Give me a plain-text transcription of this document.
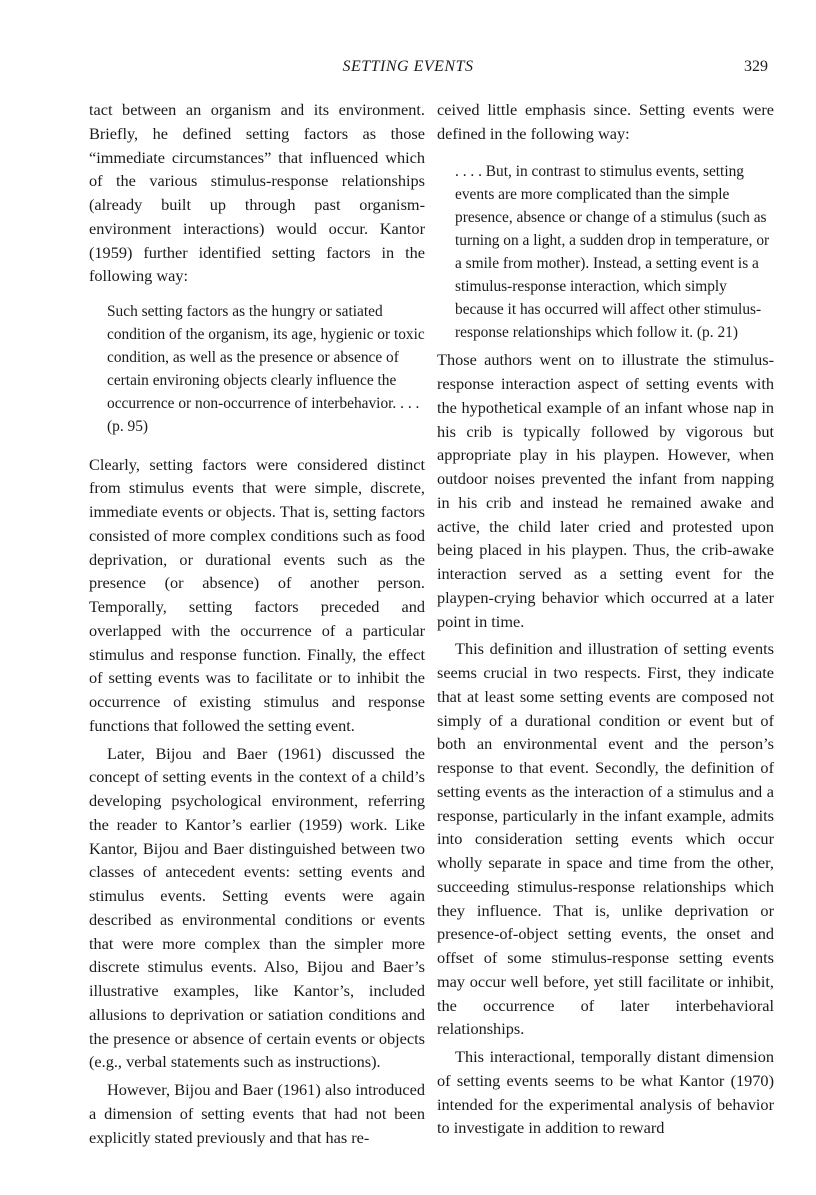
SETTING EVENTS	329

tact between an organism and its environment. Briefly, he defined setting factors as those “immediate circumstances” that influenced which of the various stimulus-response relationships (already built up through past organism-environment interactions) would occur. Kantor (1959) further identified setting factors in the following way:

Such setting factors as the hungry or satiated condition of the organism, its age, hygienic or toxic condition, as well as the presence or absence of certain environing objects clearly influence the occurrence or non-occurrence of interbehavior. . . . (p. 95)

Clearly, setting factors were considered distinct from stimulus events that were simple, discrete, immediate events or objects. That is, setting factors consisted of more complex conditions such as food deprivation, or durational events such as the presence (or absence) of another person. Temporally, setting factors preceded and overlapped with the occurrence of a particular stimulus and response function. Finally, the effect of setting events was to facilitate or to inhibit the occurrence of existing stimulus and response functions that followed the setting event.

Later, Bijou and Baer (1961) discussed the concept of setting events in the context of a child’s developing psychological environment, referring the reader to Kantor’s earlier (1959) work. Like Kantor, Bijou and Baer distinguished between two classes of antecedent events: setting events and stimulus events. Setting events were again described as environmental conditions or events that were more complex than the simpler more discrete stimulus events. Also, Bijou and Baer’s illustrative examples, like Kantor’s, included allusions to deprivation or satiation conditions and the presence or absence of certain events or objects (e.g., verbal statements such as instructions).

However, Bijou and Baer (1961) also introduced a dimension of setting events that had not been explicitly stated previously and that has re-

ceived little emphasis since. Setting events were defined in the following way:

. . . . But, in contrast to stimulus events, setting events are more complicated than the simple presence, absence or change of a stimulus (such as turning on a light, a sudden drop in temperature, or a smile from mother). Instead, a setting event is a stimulus-response interaction, which simply because it has occurred will affect other stimulus-response relationships which follow it. (p. 21)

Those authors went on to illustrate the stimulus-response interaction aspect of setting events with the hypothetical example of an infant whose nap in his crib is typically followed by vigorous but appropriate play in his playpen. However, when outdoor noises prevented the infant from napping in his crib and instead he remained awake and active, the child later cried and protested upon being placed in his playpen. Thus, the crib-awake interaction served as a setting event for the playpen-crying behavior which occurred at a later point in time.

This definition and illustration of setting events seems crucial in two respects. First, they indicate that at least some setting events are composed not simply of a durational condition or event but of both an environmental event and the person’s response to that event. Secondly, the definition of setting events as the interaction of a stimulus and a response, particularly in the infant example, admits into consideration setting events which occur wholly separate in space and time from the other, succeeding stimulus-response relationships which they influence. That is, unlike deprivation or presence-of-object setting events, the onset and offset of some stimulus-response setting events may occur well before, yet still facilitate or inhibit, the occurrence of later interbehavioral relationships.

This interactional, temporally distant dimension of setting events seems to be what Kantor (1970) intended for the experimental analysis of behavior to investigate in addition to reward
